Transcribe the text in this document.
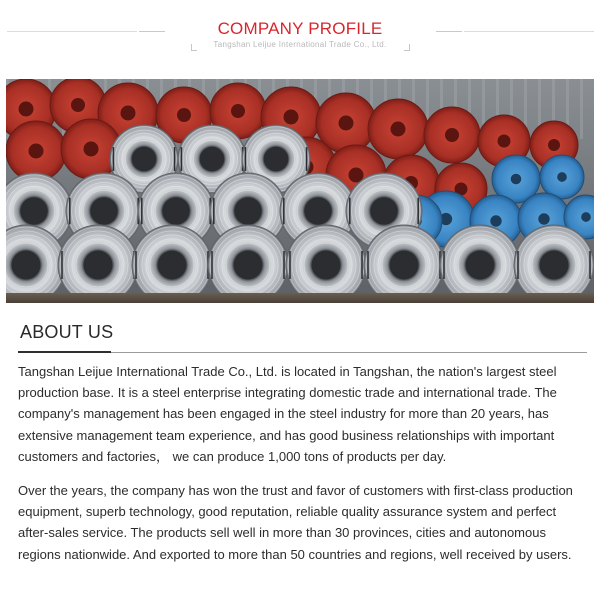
COMPANY PROFILE
Tangshan Leijue International Trade Co., Ltd.
ABOUT US

Tangshan Leijue International Trade Co., Ltd. is located in Tangshan, the nation's largest steel production base. It is a steel enterprise integrating domestic trade and international trade. The company's management has been engaged in the steel industry for more than 20 years, has extensive management team experience, and has good business relationships with important customers and factories， we can produce 1,000 tons of products per day.

Over the years, the company has won the trust and favor of customers with first-class production equipment, superb technology, good reputation, reliable quality assurance system and perfect after-sales service. The products sell well in more than 30 provinces, cities and autonomous regions nationwide. And exported to more than 50 countries and regions, well received by users.
